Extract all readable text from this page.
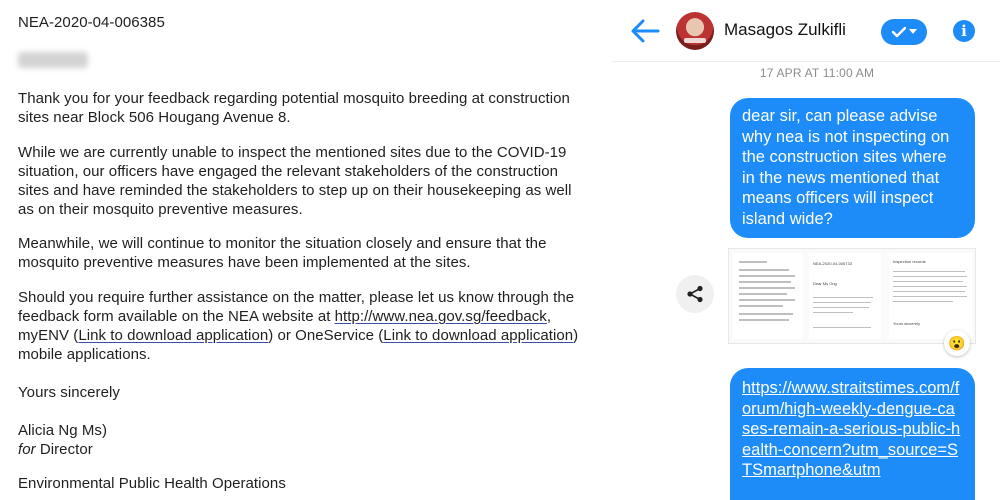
NEA-2020-04-006385
Thank you for your feedback regarding potential mosquito breeding at construction
sites near Block 506 Hougang Avenue 8.
While we are currently unable to inspect the mentioned sites due to the COVID-19
situation, our officers have engaged the relevant stakeholders of the construction
sites and have reminded the stakeholders to step up on their housekeeping as well
as on their mosquito preventive measures.
Meanwhile, we will continue to monitor the situation closely and ensure that the
mosquito preventive measures have been implemented at the sites.
Should you require further assistance on the matter, please let us know through the
feedback form available on the NEA website at http://www.nea.gov.sg/feedback,
myENV (Link to download application) or OneService (Link to download application)
mobile applications.
Yours sincerely
Alicia Ng Ms)
for Director
Environmental Public Health Operations
Masagos Zulkifli	i
17 APR AT 11:00 AM
dear sir, can please advise why nea is not inspecting on the construction sites where in the news mentioned that means officers will inspect island wide?
NEA-2020-04-006733
Dear Ms Ong
Inspection records
Yours sincerely
😮
https://www.straitstimes.com/forum/high-weekly-dengue-cases-remain-a-serious-public-health-concern?utm_source=STSmartphone&utm
